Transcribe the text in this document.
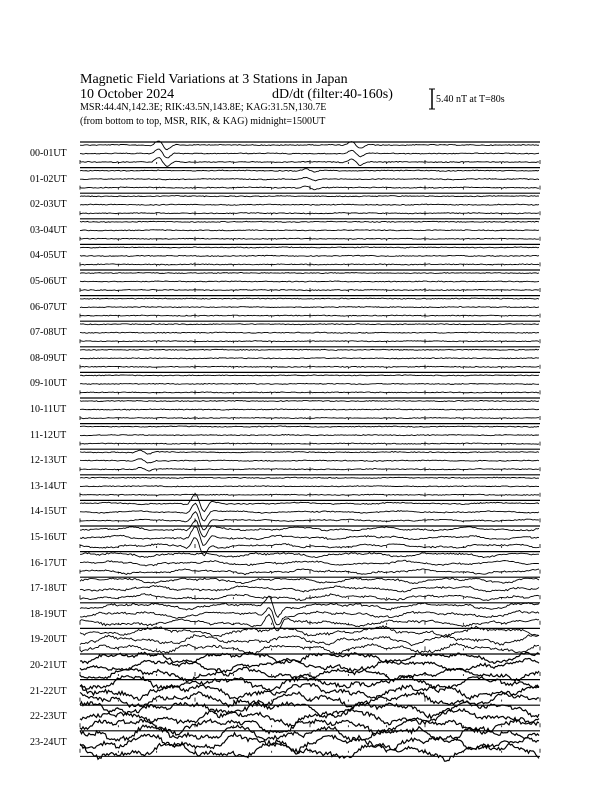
Magnetic Field Variations at 3 Stations in Japan
10 October 2024	dD/dt (filter:40-160s)
MSR:44.4N,142.3E; RIK:43.5N,143.8E; KAG:31.5N,130.7E
(from bottom to top, MSR, RIK, & KAG) midnight=1500UT
5.40 nT at T=80s
00-01UT
01-02UT
02-03UT
03-04UT
04-05UT
05-06UT
06-07UT
07-08UT
08-09UT
09-10UT
10-11UT
11-12UT
12-13UT
13-14UT
14-15UT
15-16UT
16-17UT
17-18UT
18-19UT
19-20UT
20-21UT
21-22UT
22-23UT
23-24UT
